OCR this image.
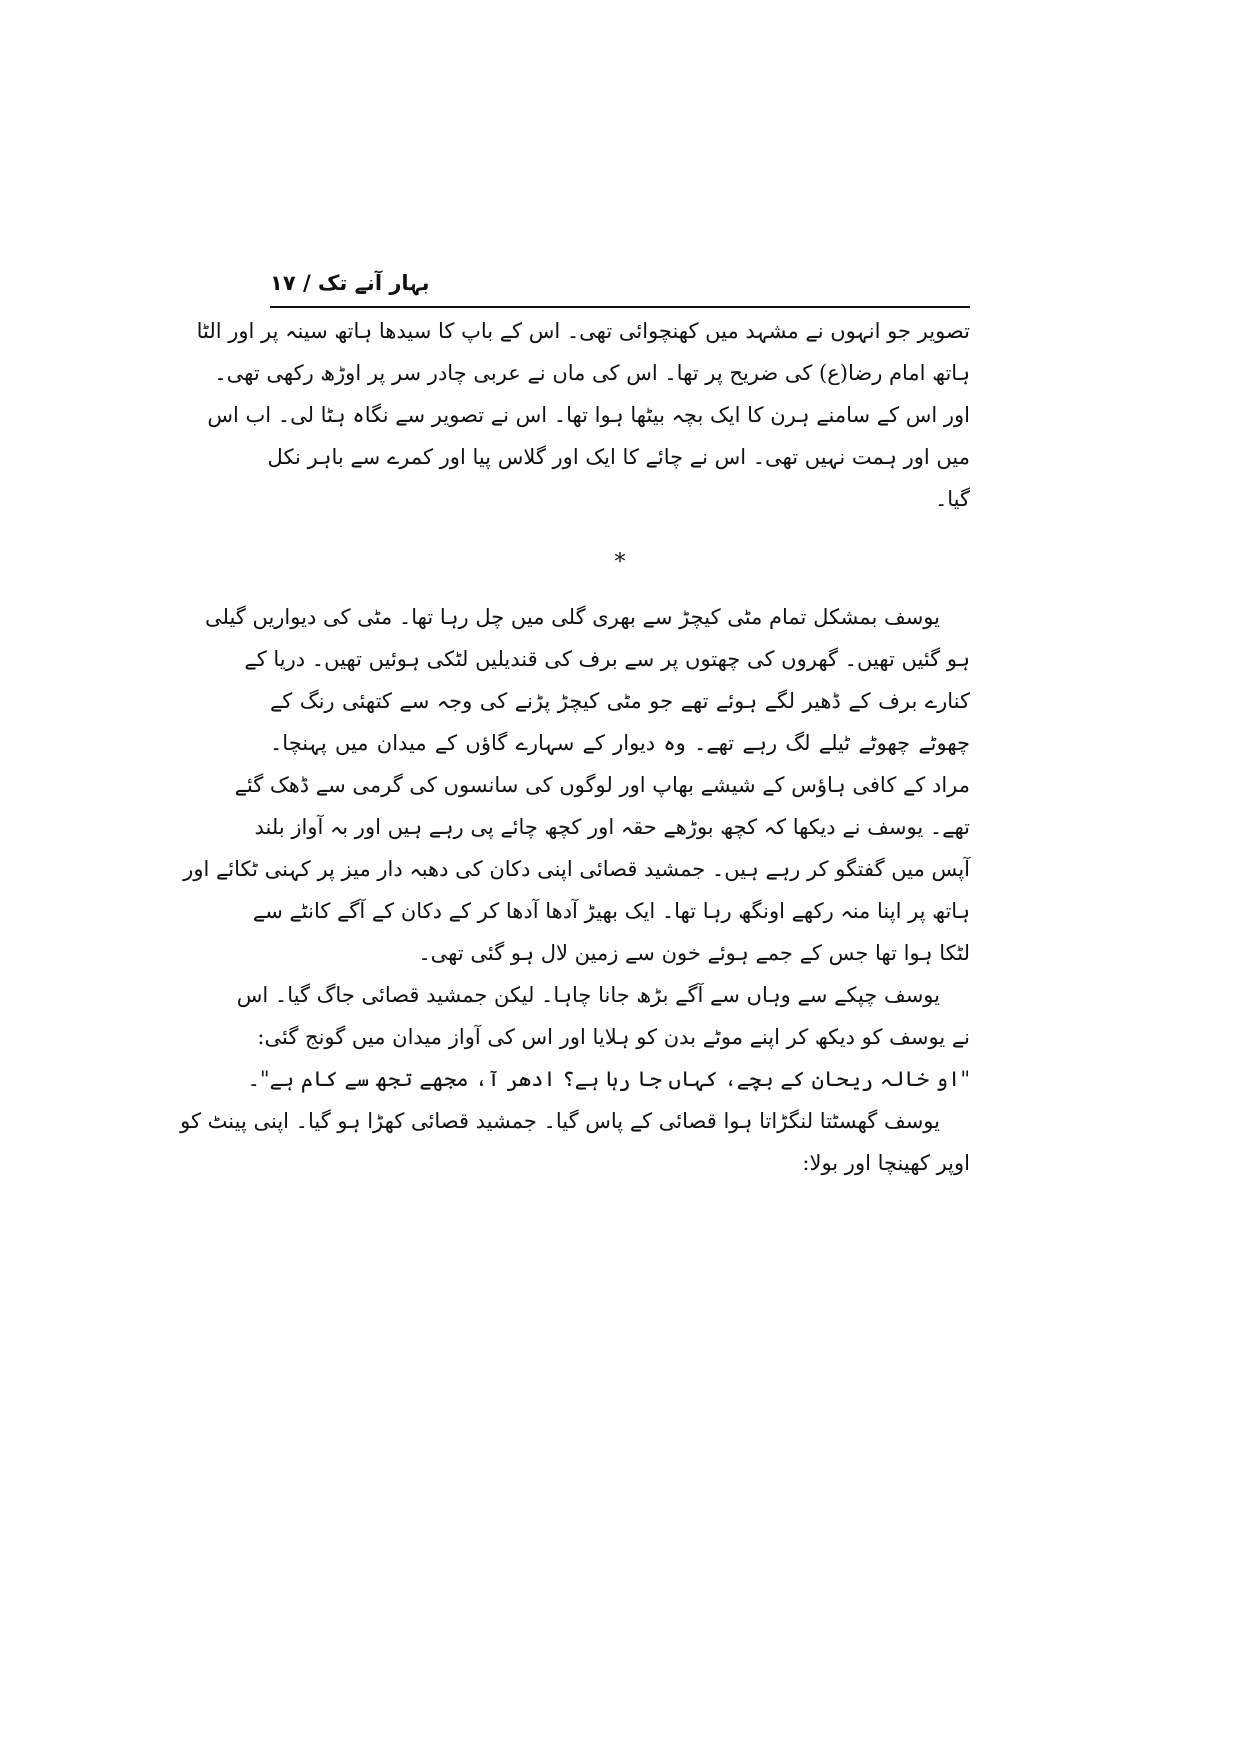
بہار آنے تک / ۱۷
تصویر جو انہوں نے مشہد میں کھنچوائی تھی۔ اس کے باپ کا سیدھا ہاتھ سینہ پر اور الٹا
ہاتھ امام رضا(ع) کی ضریح پر تھا۔ اس کی ماں نے عربی چادر سر پر اوڑھ رکھی تھی۔
اور اس کے سامنے ہرن کا ایک بچہ بیٹھا ہوا تھا۔ اس نے تصویر سے نگاہ ہٹا لی۔ اب اس
میں اور ہمت نہیں تھی۔ اس نے چائے کا ایک اور گلاس پیا اور کمرے سے باہر نکل
گیا۔
*
یوسف بمشکل تمام مٹی کیچڑ سے بھری گلی میں چل رہا تھا۔ مٹی کی دیواریں گیلی
ہو گئیں تھیں۔ گھروں کی چھتوں پر سے برف کی قندیلیں لٹکی ہوئیں تھیں۔ دریا کے
کنارے برف کے ڈھیر لگے ہوئے تھے جو مٹی کیچڑ پڑنے کی وجہ سے کتھئی رنگ کے
چھوٹے چھوٹے ٹیلے لگ رہے تھے۔ وہ دیوار کے سہارے گاؤں کے میدان میں پہنچا۔
مراد کے کافی ہاؤس کے شیشے بھاپ اور لوگوں کی سانسوں کی گرمی سے ڈھک گئے
تھے۔ یوسف نے دیکھا کہ کچھ بوڑھے حقہ اور کچھ چائے پی رہے ہیں اور بہ آواز بلند
آپس میں گفتگو کر رہے ہیں۔ جمشید قصائی اپنی دکان کی دھبہ دار میز پر کہنی ٹکائے اور
ہاتھ پر اپنا منہ رکھے اونگھ رہا تھا۔ ایک بھیڑ آدھا آدھا کر کے دکان کے آگے کانٹے سے
لٹکا ہوا تھا جس کے جمے ہوئے خون سے زمین لال ہو گئی تھی۔
یوسف چپکے سے وہاں سے آگے بڑھ جانا چاہا۔ لیکن جمشید قصائی جاگ گیا۔ اس
نے یوسف کو دیکھ کر اپنے موٹے بدن کو ہلایا اور اس کی آواز میدان میں گونج گئی:
"او خالہ ریحان کے بچے، کہاں جا رہا ہے؟ ادھر آ، مجھے تجھ سے کام ہے"۔
یوسف گھسٹتا لنگڑاتا ہوا قصائی کے پاس گیا۔ جمشید قصائی کھڑا ہو گیا۔ اپنی پینٹ کو
اوپر کھینچا اور بولا:
